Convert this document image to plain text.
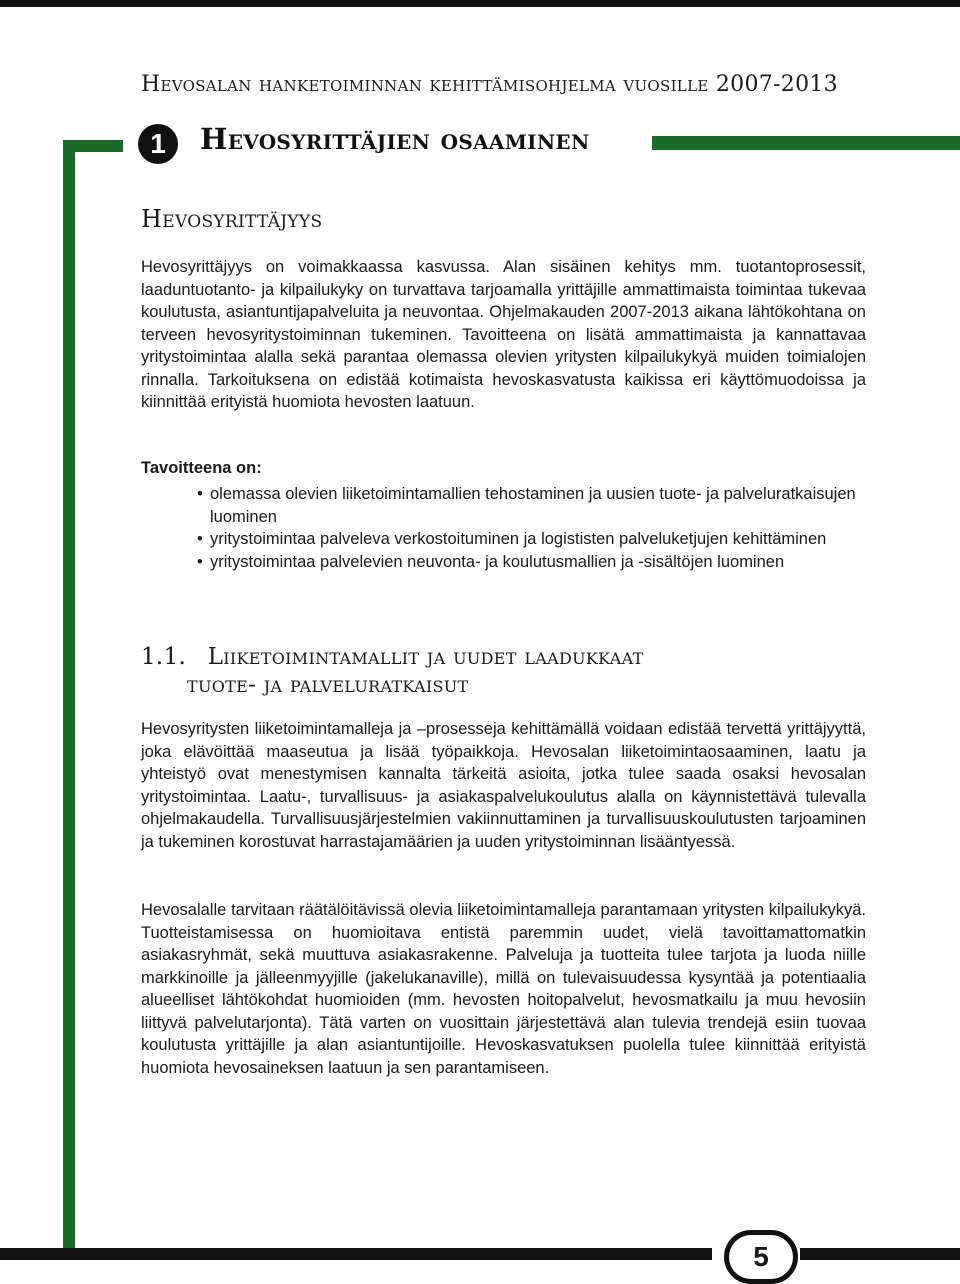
Hevosalan hanketoiminnan kehittämisohjelma vuosille 2007-2013
1	Hevosyrittäjien osaaminen
Hevosyrittäjyys
Hevosyrittäjyys on voimakkaassa kasvussa. Alan sisäinen kehitys mm. tuotantoprosessit, laaduntuotanto- ja kilpailukyky on turvattava tarjoamalla yrittäjille ammattimaista toimintaa tukevaa koulutusta, asiantuntijapalveluita ja neuvontaa. Ohjelmakauden 2007-2013 aikana lähtökohtana on terveen hevosyritystoiminnan tukeminen. Tavoitteena on lisätä ammattimaista ja kannattavaa yritystoimintaa alalla sekä parantaa olemassa olevien yritysten kilpailukykyä muiden toimialojen rinnalla. Tarkoituksena on edistää kotimaista hevoskasvatusta kaikissa eri käyttömuodoissa ja kiinnittää erityistä huomiota hevosten laatuun.
Tavoitteena on:
• olemassa olevien liiketoimintamallien tehostaminen ja uusien tuote- ja palveluratkaisujen luominen
• yritystoimintaa palveleva verkostoituminen ja logististen palveluketjujen kehittäminen
• yritystoimintaa palvelevien neuvonta- ja koulutusmallien ja -sisältöjen luominen
1.1. Liiketoimintamallit ja uudet laadukkaat
tuote- ja palveluratkaisut
Hevosyritysten liiketoimintamalleja ja –prosesseja kehittämällä voidaan edistää tervettä yrittäjyyttä, joka elävöittää maaseutua ja lisää työpaikkoja. Hevosalan liiketoimintaosaaminen, laatu ja yhteistyö ovat menestymisen kannalta tärkeitä asioita, jotka tulee saada osaksi hevosalan yritystoimintaa. Laatu-, turvallisuus- ja asiakaspalvelukoulutus alalla on käynnistettävä tulevalla ohjelmakaudella. Turvallisuusjärjestelmien vakiinnuttaminen ja turvallisuuskoulutusten tarjoaminen ja tukeminen korostuvat harrastajamäärien ja uuden yritystoiminnan lisääntyessä.
Hevosalalle tarvitaan räätälöitävissä olevia liiketoimintamalleja parantamaan yritysten kilpailukykyä. Tuotteistamisessa on huomioitava entistä paremmin uudet, vielä tavoittamattomatkin asiakasryhmät, sekä muuttuva asiakasrakenne. Palveluja ja tuotteita tulee tarjota ja luoda niille markkinoille ja jälleenmyyjille (jakelukanaville), millä on tulevaisuudessa kysyntää ja potentiaalia alueelliset lähtökohdat huomioiden (mm. hevosten hoitopalvelut, hevosmatkailu ja muu hevosiin liittyvä palvelutarjonta). Tätä varten on vuosittain järjestettävä alan tulevia trendejä esiin tuovaa koulutusta yrittäjille ja alan asiantuntijoille. Hevoskasvatuksen puolella tulee kiinnittää erityistä huomiota hevosaineksen laatuun ja sen parantamiseen.
5
